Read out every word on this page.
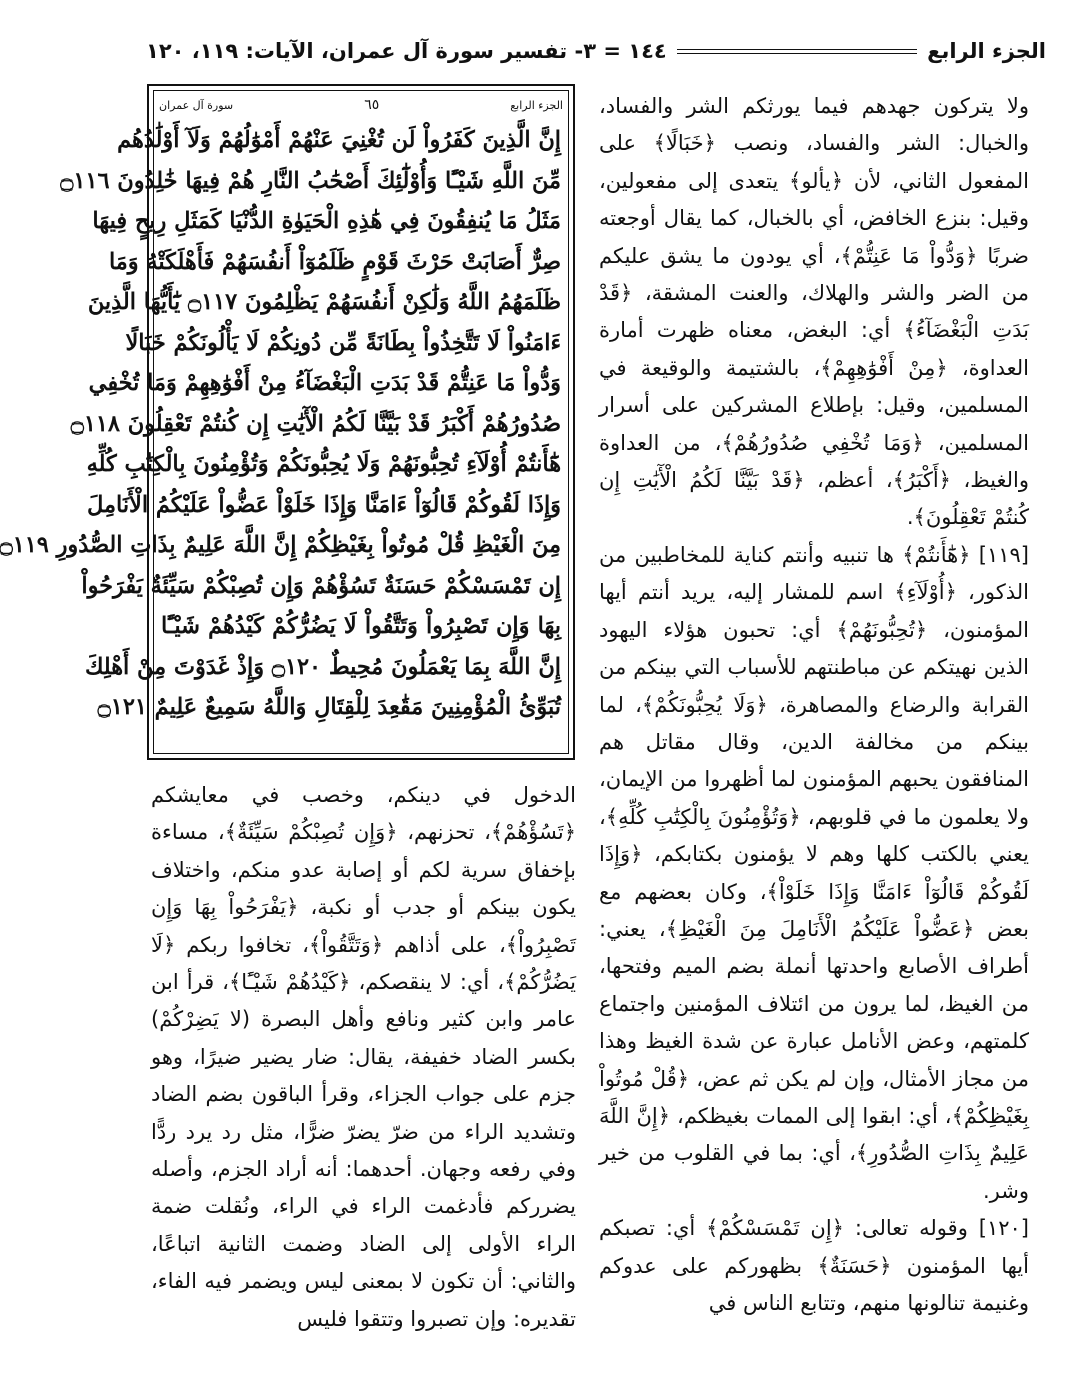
الجزء الرابع
١٤٤ = ٣- تفسير سورة آل عمران، الآيات: ١١٩، ١٢٠

ولا يتركون جهدهم فيما يورثكم الشر والفساد، والخبال: الشر والفساد، ونصب ﴿خَبَالًا﴾ على المفعول الثاني، لأن ﴿يألو﴾ يتعدى إلى مفعولين، وقيل: بنزع الخافض، أي بالخبال، كما يقال أوجعته ضربًا ﴿وَدُّواْ مَا عَنِتُّمْ﴾، أي يودون ما يشق عليكم من الضر والشر والهلاك، والعنت المشقة، ﴿قَدْ بَدَتِ الْبَغْضَآءُ﴾ أي: البغض، معناه ظهرت أمارة العداوة، ﴿مِنْ أَفْوَٰهِهِمْ﴾، بالشتيمة والوقيعة في المسلمين، وقيل: بإطلاع المشركين على أسرار المسلمين، ﴿وَمَا تُخْفِي صُدُورُهُمْ﴾، من العداوة والغيظ، ﴿أَكْبَرُ﴾، أعظم، ﴿قَدْ بَيَّنَّا لَكُمُ الْأٓيَٰتِ إِن كُنتُمْ تَعْقِلُونَ﴾.

[١١٩] ﴿هَٰٓأَنتُمْ﴾ ها تنبيه وأنتم كناية للمخاطبين من الذكور، ﴿أُوْلَآءِ﴾ اسم للمشار إليه، يريد أنتم أيها المؤمنون، ﴿تُحِبُّونَهُمْ﴾ أي: تحبون هؤلاء اليهود الذين نهيتكم عن مباطنتهم للأسباب التي بينكم من القرابة والرضاع والمصاهرة، ﴿وَلَا يُحِبُّونَكُمْ﴾، لما بينكم من مخالفة الدين، وقال مقاتل هم المنافقون يحبهم المؤمنون لما أظهروا من الإيمان، ولا يعلمون ما في قلوبهم، ﴿وَتُؤْمِنُونَ بِالْكِتَٰبِ كُلِّهِ﴾، يعني بالكتب كلها وهم لا يؤمنون بكتابكم، ﴿وَإِذَا لَقُوكُمْ قَالُوٓاْ ءَامَنَّا وَإِذَا خَلَوْاْ﴾، وكان بعضهم مع بعض ﴿عَضُّواْ عَلَيْكُمُ الْأَنَامِلَ مِنَ الْغَيْظِ﴾، يعني: أطراف الأصابع واحدتها أنملة بضم الميم وفتحها، من الغيظ، لما يرون من ائتلاف المؤمنين واجتماع كلمتهم، وعض الأنامل عبارة عن شدة الغيظ وهذا من مجاز الأمثال، وإن لم يكن ثم عض، ﴿قُلْ مُوتُواْ بِغَيْظِكُمْ﴾، أي: ابقوا إلى الممات بغيظكم، ﴿إِنَّ اللَّهَ عَلِيمٌ بِذَاتِ الصُّدُورِ﴾، أي: بما في القلوب من خير وشر.

[١٢٠] وقوله تعالى: ﴿إِن تَمْسَسْكُمْ﴾ أي: تصبكم أيها المؤمنون ﴿حَسَنَةٌ﴾ بظهوركم على عدوكم وغنيمة تنالونها منهم، وتتابع الناس في

الجزء الرابع
٦٥
سورة آل عمران

إِنَّ الَّذِينَ كَفَرُواْ لَن تُغْنِيَ عَنْهُمْ أَمْوَٰلُهُمْ وَلَآ أَوْلَٰدُهُم

مِّنَ اللَّهِ شَيْـًٔا وَأُوْلَٰٓئِكَ أَصْحَٰبُ النَّارِ هُمْ فِيهَا خَٰلِدُونَ ۝١١٦

مَثَلُ مَا يُنفِقُونَ فِي هَٰذِهِ الْحَيَوٰةِ الدُّنْيَا كَمَثَلِ رِيحٍ فِيهَا

صِرٌّ أَصَابَتْ حَرْثَ قَوْمٍ ظَلَمُوٓاْ أَنفُسَهُمْ فَأَهْلَكَتْهُ وَمَا

ظَلَمَهُمُ اللَّهُ وَلَٰكِنْ أَنفُسَهُمْ يَظْلِمُونَ ۝١١٧ يَٰٓأَيُّهَا الَّذِينَ

ءَامَنُواْ لَا تَتَّخِذُواْ بِطَانَةً مِّن دُونِكُمْ لَا يَأْلُونَكُمْ خَبَالًا

وَدُّواْ مَا عَنِتُّمْ قَدْ بَدَتِ الْبَغْضَآءُ مِنْ أَفْوَٰهِهِمْ وَمَا تُخْفِي

صُدُورُهُمْ أَكْبَرُ قَدْ بَيَّنَّا لَكُمُ الْأٓيَٰتِ إِن كُنتُمْ تَعْقِلُونَ ۝١١٨

هَٰٓأَنتُمْ أُوْلَآءِ تُحِبُّونَهُمْ وَلَا يُحِبُّونَكُمْ وَتُؤْمِنُونَ بِالْكِتَٰبِ كُلِّهِ

وَإِذَا لَقُوكُمْ قَالُوٓاْ ءَامَنَّا وَإِذَا خَلَوْاْ عَضُّواْ عَلَيْكُمُ الْأَنَامِلَ

مِنَ الْغَيْظِ قُلْ مُوتُواْ بِغَيْظِكُمْ إِنَّ اللَّهَ عَلِيمٌ بِذَاتِ الصُّدُورِ ۝١١٩

إِن تَمْسَسْكُمْ حَسَنَةٌ تَسُؤْهُمْ وَإِن تُصِبْكُمْ سَيِّئَةٌ يَفْرَحُواْ

بِهَا وَإِن تَصْبِرُواْ وَتَتَّقُواْ لَا يَضُرُّكُمْ كَيْدُهُمْ شَيْـًٔا

إِنَّ اللَّهَ بِمَا يَعْمَلُونَ مُحِيطٌ ۝١٢٠ وَإِذْ غَدَوْتَ مِنْ أَهْلِكَ

تُبَوِّئُ الْمُؤْمِنِينَ مَقَٰعِدَ لِلْقِتَالِ وَاللَّهُ سَمِيعٌ عَلِيمٌ ۝١٢١

الدخول في دينكم، وخصب في معايشكم ﴿تَسُؤْهُمْ﴾، تحزنهم، ﴿وَإِن تُصِبْكُمْ سَيِّئَةٌ﴾، مساءة بإخفاق سرية لكم أو إصابة عدو منكم، واختلاف يكون بينكم أو جدب أو نكبة، ﴿يَفْرَحُواْ بِهَا وَإِن تَصْبِرُواْ﴾، على أذاهم ﴿وَتَتَّقُواْ﴾، تخافوا ربكم ﴿لَا يَضُرُّكُمْ﴾، أي: لا ينقصكم، ﴿كَيْدُهُمْ شَيْـًٔا﴾، قرأ ابن عامر وابن كثير ونافع وأهل البصرة (لا يَضِرْكُمْ) بكسر الضاد خفيفة، يقال: ضار يضير ضيرًا، وهو جزم على جواب الجزاء، وقرأ الباقون بضم الضاد وتشديد الراء من ضرّ يضرّ ضرًّا، مثل رد يرد ردًّا وفي رفعه وجهان. أحدهما: أنه أراد الجزم، وأصله يضرركم فأدغمت الراء في الراء، ونُقلت ضمة الراء الأولى إلى الضاد وضمت الثانية اتباعًا، والثاني: أن تكون لا بمعنى ليس ويضمر فيه الفاء، تقديره: وإن تصبروا وتتقوا فليس
